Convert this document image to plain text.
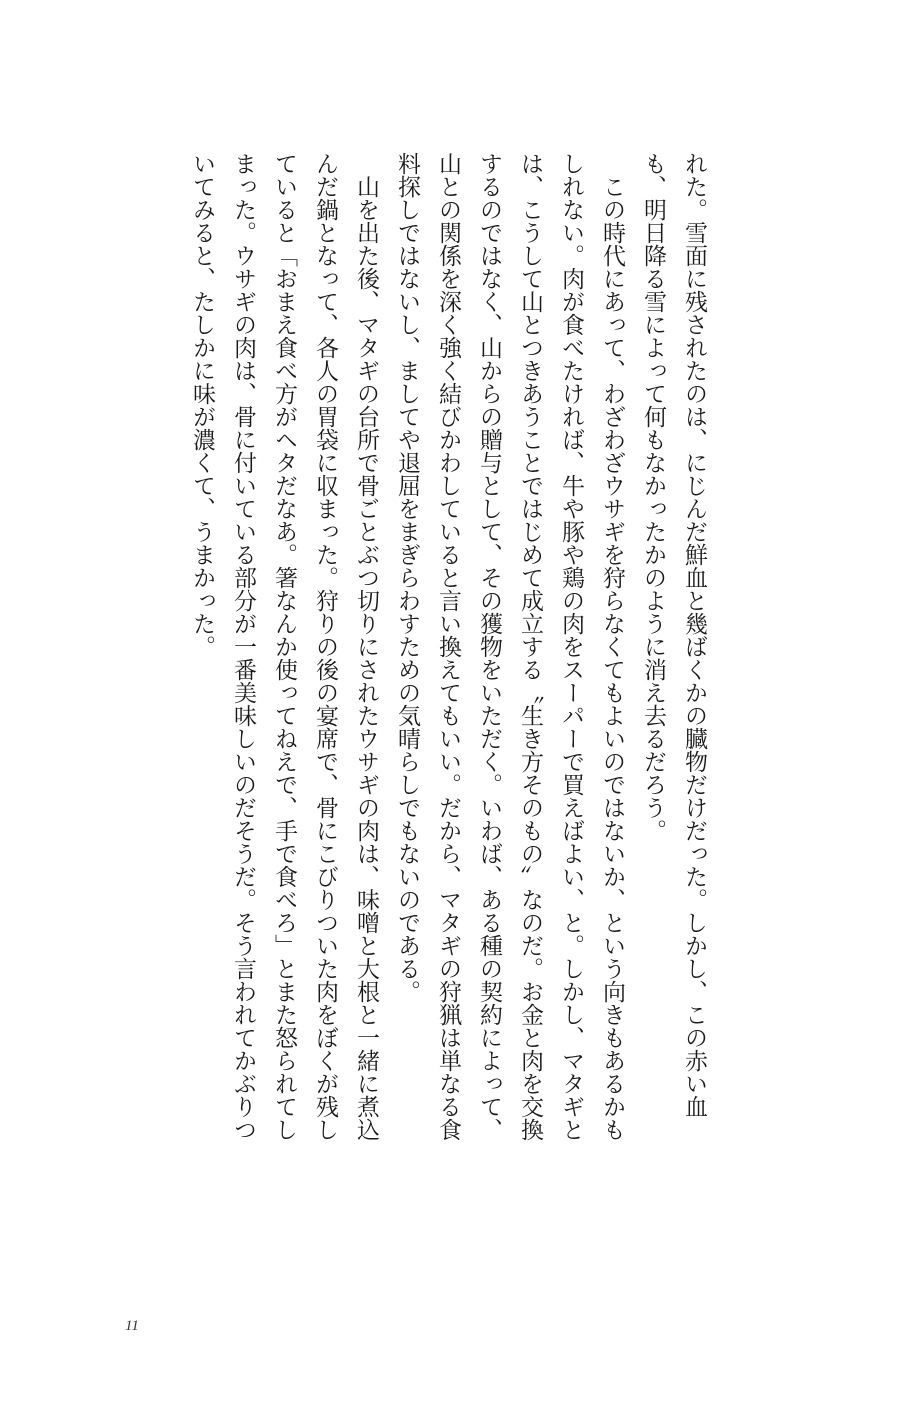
れた。雪面に残されたのは、にじんだ鮮血と幾ばくかの臓物だけだった。しかし、この赤い血も、明日降る雪によって何もなかったかのように消え去るだろう。

この時代にあって、わざわざウサギを狩らなくてもよいのではないか、という向きもあるかもしれない。肉が食べたければ、牛や豚や鶏の肉をスーパーで買えばよい、と。しかし、マタギとは、こうして山とつきあうことではじめて成立する〝生き方そのもの〟なのだ。お金と肉を交換するのではなく、山からの贈与として、その獲物をいただく。いわば、ある種の契約によって、山との関係を深く強く結びかわしていると言い換えてもいい。だから、マタギの狩猟は単なる食料探しではないし、ましてや退屈をまぎらわすための気晴らしでもないのである。

山を出た後、マタギの台所で骨ごとぶつ切りにされたウサギの肉は、味噌と大根と一緒に煮込んだ鍋となって、各人の胃袋に収まった。狩りの後の宴席で、骨にこびりついた肉をぼくが残していると「おまえ食べ方がヘタだなあ。箸なんか使ってねえで、手で食べろ」とまた怒られてしまった。ウサギの肉は、骨に付いている部分が一番美味しいのだそうだ。そう言われてかぶりついてみると、たしかに味が濃くて、うまかった。

11
